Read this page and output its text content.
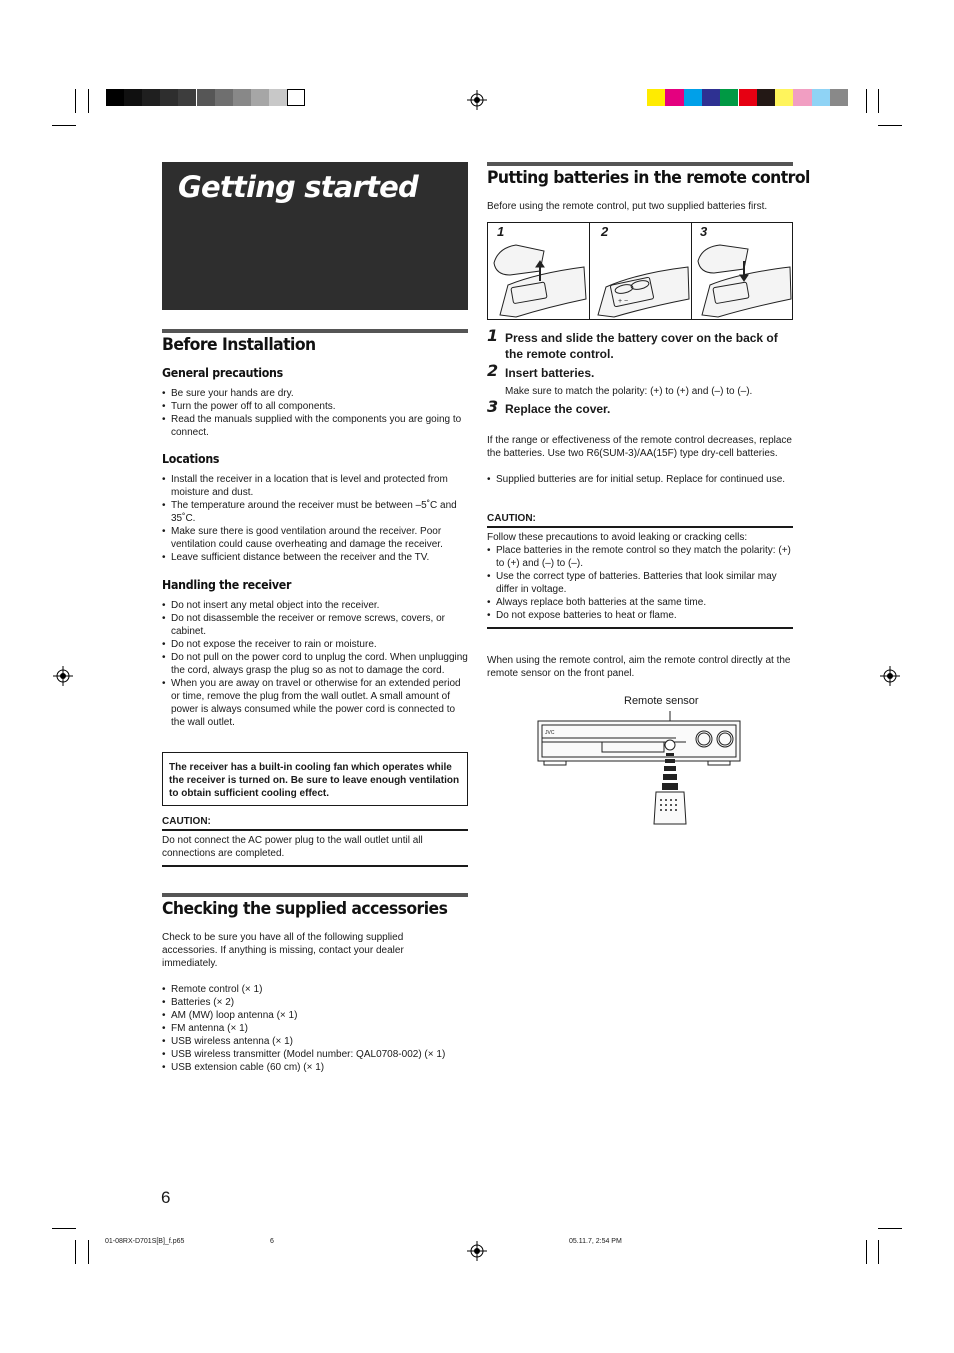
Getting started
Before Installation
General precautions
• Be sure your hands are dry.
• Turn the power off to all components.
• Read the manuals supplied with the components you are going to connect.
Locations
• Install the receiver in a location that is level and protected from moisture and dust.
• The temperature around the receiver must be between –5˚C and 35˚C.
• Make sure there is good ventilation around the receiver. Poor ventilation could cause overheating and damage the receiver.
• Leave sufficient distance between the receiver and the TV.
Handling the receiver
• Do not insert any metal object into the receiver.
• Do not disassemble the receiver or remove screws, covers, or cabinet.
• Do not expose the receiver to rain or moisture.
• Do not pull on the power cord to unplug the cord. When unplugging the cord, always grasp the plug so as not to damage the cord.
• When you are away on travel or otherwise for an extended period or time, remove the plug from the wall outlet. A small amount of power is always consumed while the power cord is connected to the wall outlet.
The receiver has a built-in cooling fan which operates while the receiver is turned on. Be sure to leave enough ventilation to obtain sufficient cooling effect.
CAUTION:
Do not connect the AC power plug to the wall outlet until all connections are completed.
Checking the supplied accessories
Check to be sure you have all of the following supplied accessories. If anything is missing, contact your dealer immediately.
• Remote control (× 1)
• Batteries (× 2)
• AM (MW) loop antenna (× 1)
• FM antenna (× 1)
• USB wireless antenna (× 1)
• USB wireless transmitter (Model number: QAL0708-002) (× 1)
• USB extension cable (60 cm) (× 1)
6
Putting batteries in the remote control
Before using the remote control, put two supplied batteries first.
1	2	3
+ −
1 Press and slide the battery cover on the back of the remote control.
2 Insert batteries.
Make sure to match the polarity: (+) to (+) and (–) to (–).
3 Replace the cover.
If the range or effectiveness of the remote control decreases, replace the batteries. Use two R6(SUM-3)/AA(15F) type dry-cell batteries.
• Supplied butteries are for initial setup. Replace for continued use.
CAUTION:
Follow these precautions to avoid leaking or cracking cells:
• Place batteries in the remote control so they match the polarity: (+) to (+) and (–) to (–).
• Use the correct type of batteries. Batteries that look similar may differ in voltage.
• Always replace both batteries at the same time.
• Do not expose batteries to heat or flame.
When using the remote control, aim the remote control directly at the remote sensor on the front panel.
Remote sensor
JVC
01-08RX-D701S[B]_f.p65	6	05.11.7, 2:54 PM
